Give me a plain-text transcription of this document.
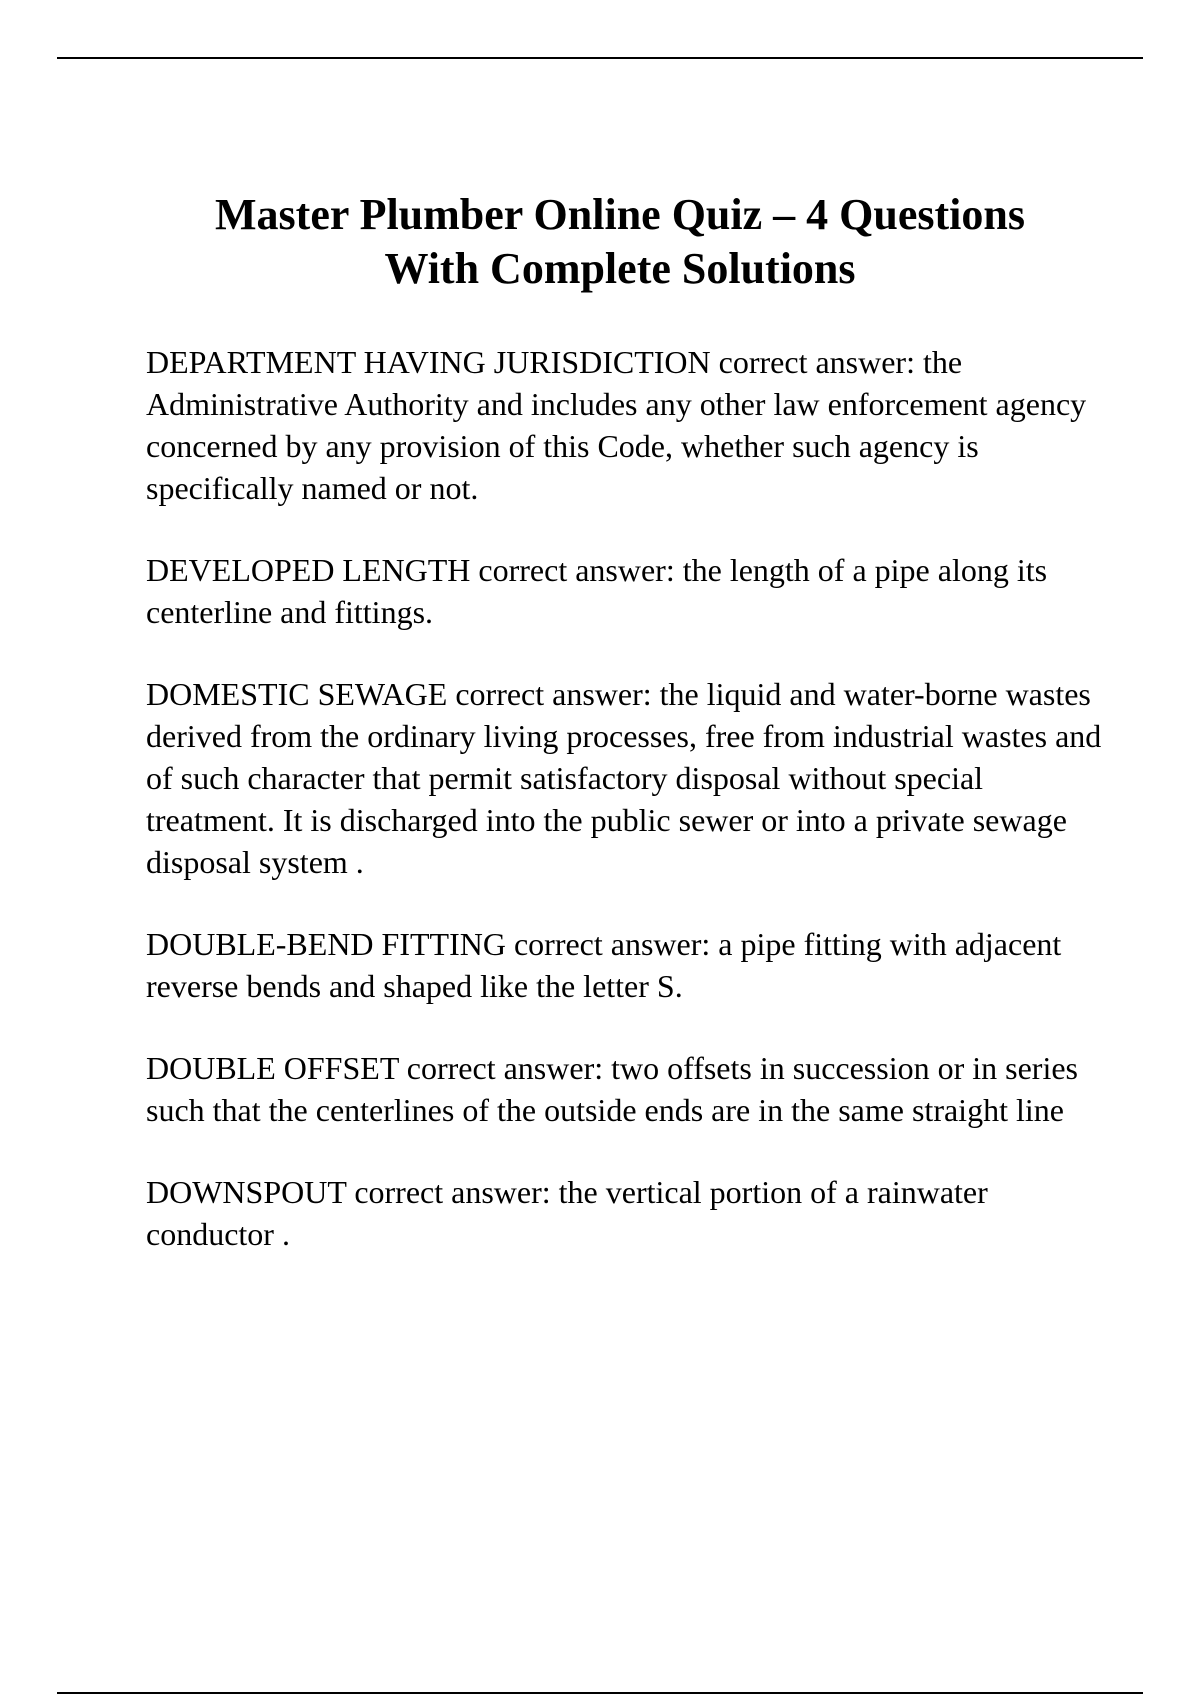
Master Plumber Online Quiz – 4 Questions
With Complete Solutions

DEPARTMENT HAVING JURISDICTION correct answer: the Administrative Authority and includes any other law enforcement agency concerned by any provision of this Code, whether such agency is specifically named or not.

DEVELOPED LENGTH correct answer: the length of a pipe along its centerline and fittings.

DOMESTIC SEWAGE correct answer: the liquid and water-borne wastes derived from the ordinary living processes, free from industrial wastes and of such character that permit satisfactory disposal without special treatment. It is discharged into the public sewer or into a private sewage disposal system .

DOUBLE-BEND FITTING correct answer: a pipe fitting with adjacent reverse bends and shaped like the letter S.

DOUBLE OFFSET correct answer: two offsets in succession or in series such that the centerlines of the outside ends are in the same straight line

DOWNSPOUT correct answer: the vertical portion of a rainwater conductor .
